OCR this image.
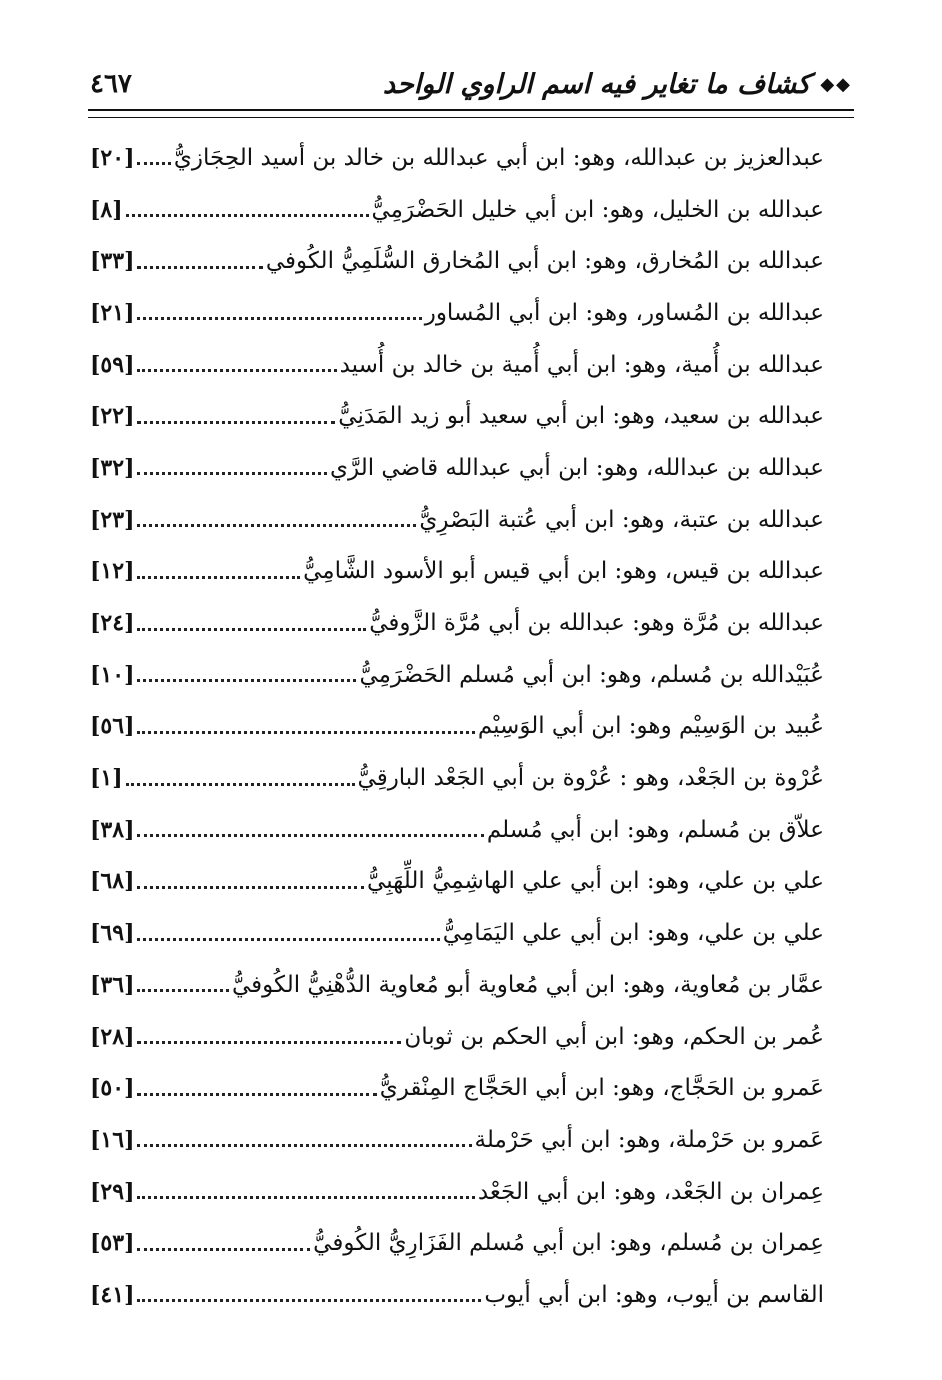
٤٦٧	◆◆
كشاف ما تغاير فيه اسم الراوي الواحد
عبدالعزيز بن عبدالله، وهو: ابن أبي عبدالله بن خالد بن أسيد الحِجَازيُّ
[٢٠]
عبدالله بن الخليل، وهو: ابن أبي خليل الحَضْرَمِيُّ
[٨]
عبدالله بن المُخارق، وهو: ابن أبي المُخارق السُّلَمِيُّ الكُوفي
[٣٣]
عبدالله بن المُساور، وهو: ابن أبي المُساور
[٢١]
عبدالله بن أُمية، وهو: ابن أبي أُمية بن خالد بن أُسيد
[٥٩]
عبدالله بن سعيد، وهو: ابن أبي سعيد أبو زيد المَدَنِيُّ
[٢٢]
عبدالله بن عبدالله، وهو: ابن أبي عبدالله قاضي الرَّي
[٣٢]
عبدالله بن عتبة، وهو: ابن أبي عُتبة البَصْرِيُّ
[٢٣]
عبدالله بن قيس، وهو: ابن أبي قيس أبو الأسود الشَّامِيُّ
[١٢]
عبدالله بن مُرَّة وهو: عبدالله بن أبي مُرَّة الزَّوفيُّ
[٢٤]
عُبَيْدالله بن مُسلم، وهو: ابن أبي مُسلم الحَضْرَمِيُّ
[١٠]
عُبيد بن الوَسِيْم وهو: ابن أبي الوَسِيْم
[٥٦]
عُرْوة بن الجَعْد، وهو : عُرْوة بن أبي الجَعْد البارقِيُّ
[١]
علاّق بن مُسلم، وهو: ابن أبي مُسلم
[٣٨]
علي بن علي، وهو: ابن أبي علي الهاشِمِيُّ اللِّهَبِيُّ
[٦٨]
علي بن علي، وهو: ابن أبي علي اليَمَامِيُّ
[٦٩]
عمَّار بن مُعاوية، وهو: ابن أبي مُعاوية أبو مُعاوية الدُّهْنِيُّ الكُوفيُّ
[٣٦]
عُمر بن الحكم، وهو: ابن أبي الحكم بن ثوبان
[٢٨]
عَمرو بن الحَجَّاج، وهو: ابن أبي الحَجَّاج المِنْقريُّ
[٥٠]
عَمرو بن حَرْملة، وهو: ابن أبي حَرْملة
[١٦]
عِمران بن الجَعْد، وهو: ابن أبي الجَعْد
[٢٩]
عِمران بن مُسلم، وهو: ابن أبي مُسلم الفَزَارِيُّ الكُوفيُّ
[٥٣]
القاسم بن أيوب، وهو: ابن أبي أيوب
[٤١]
